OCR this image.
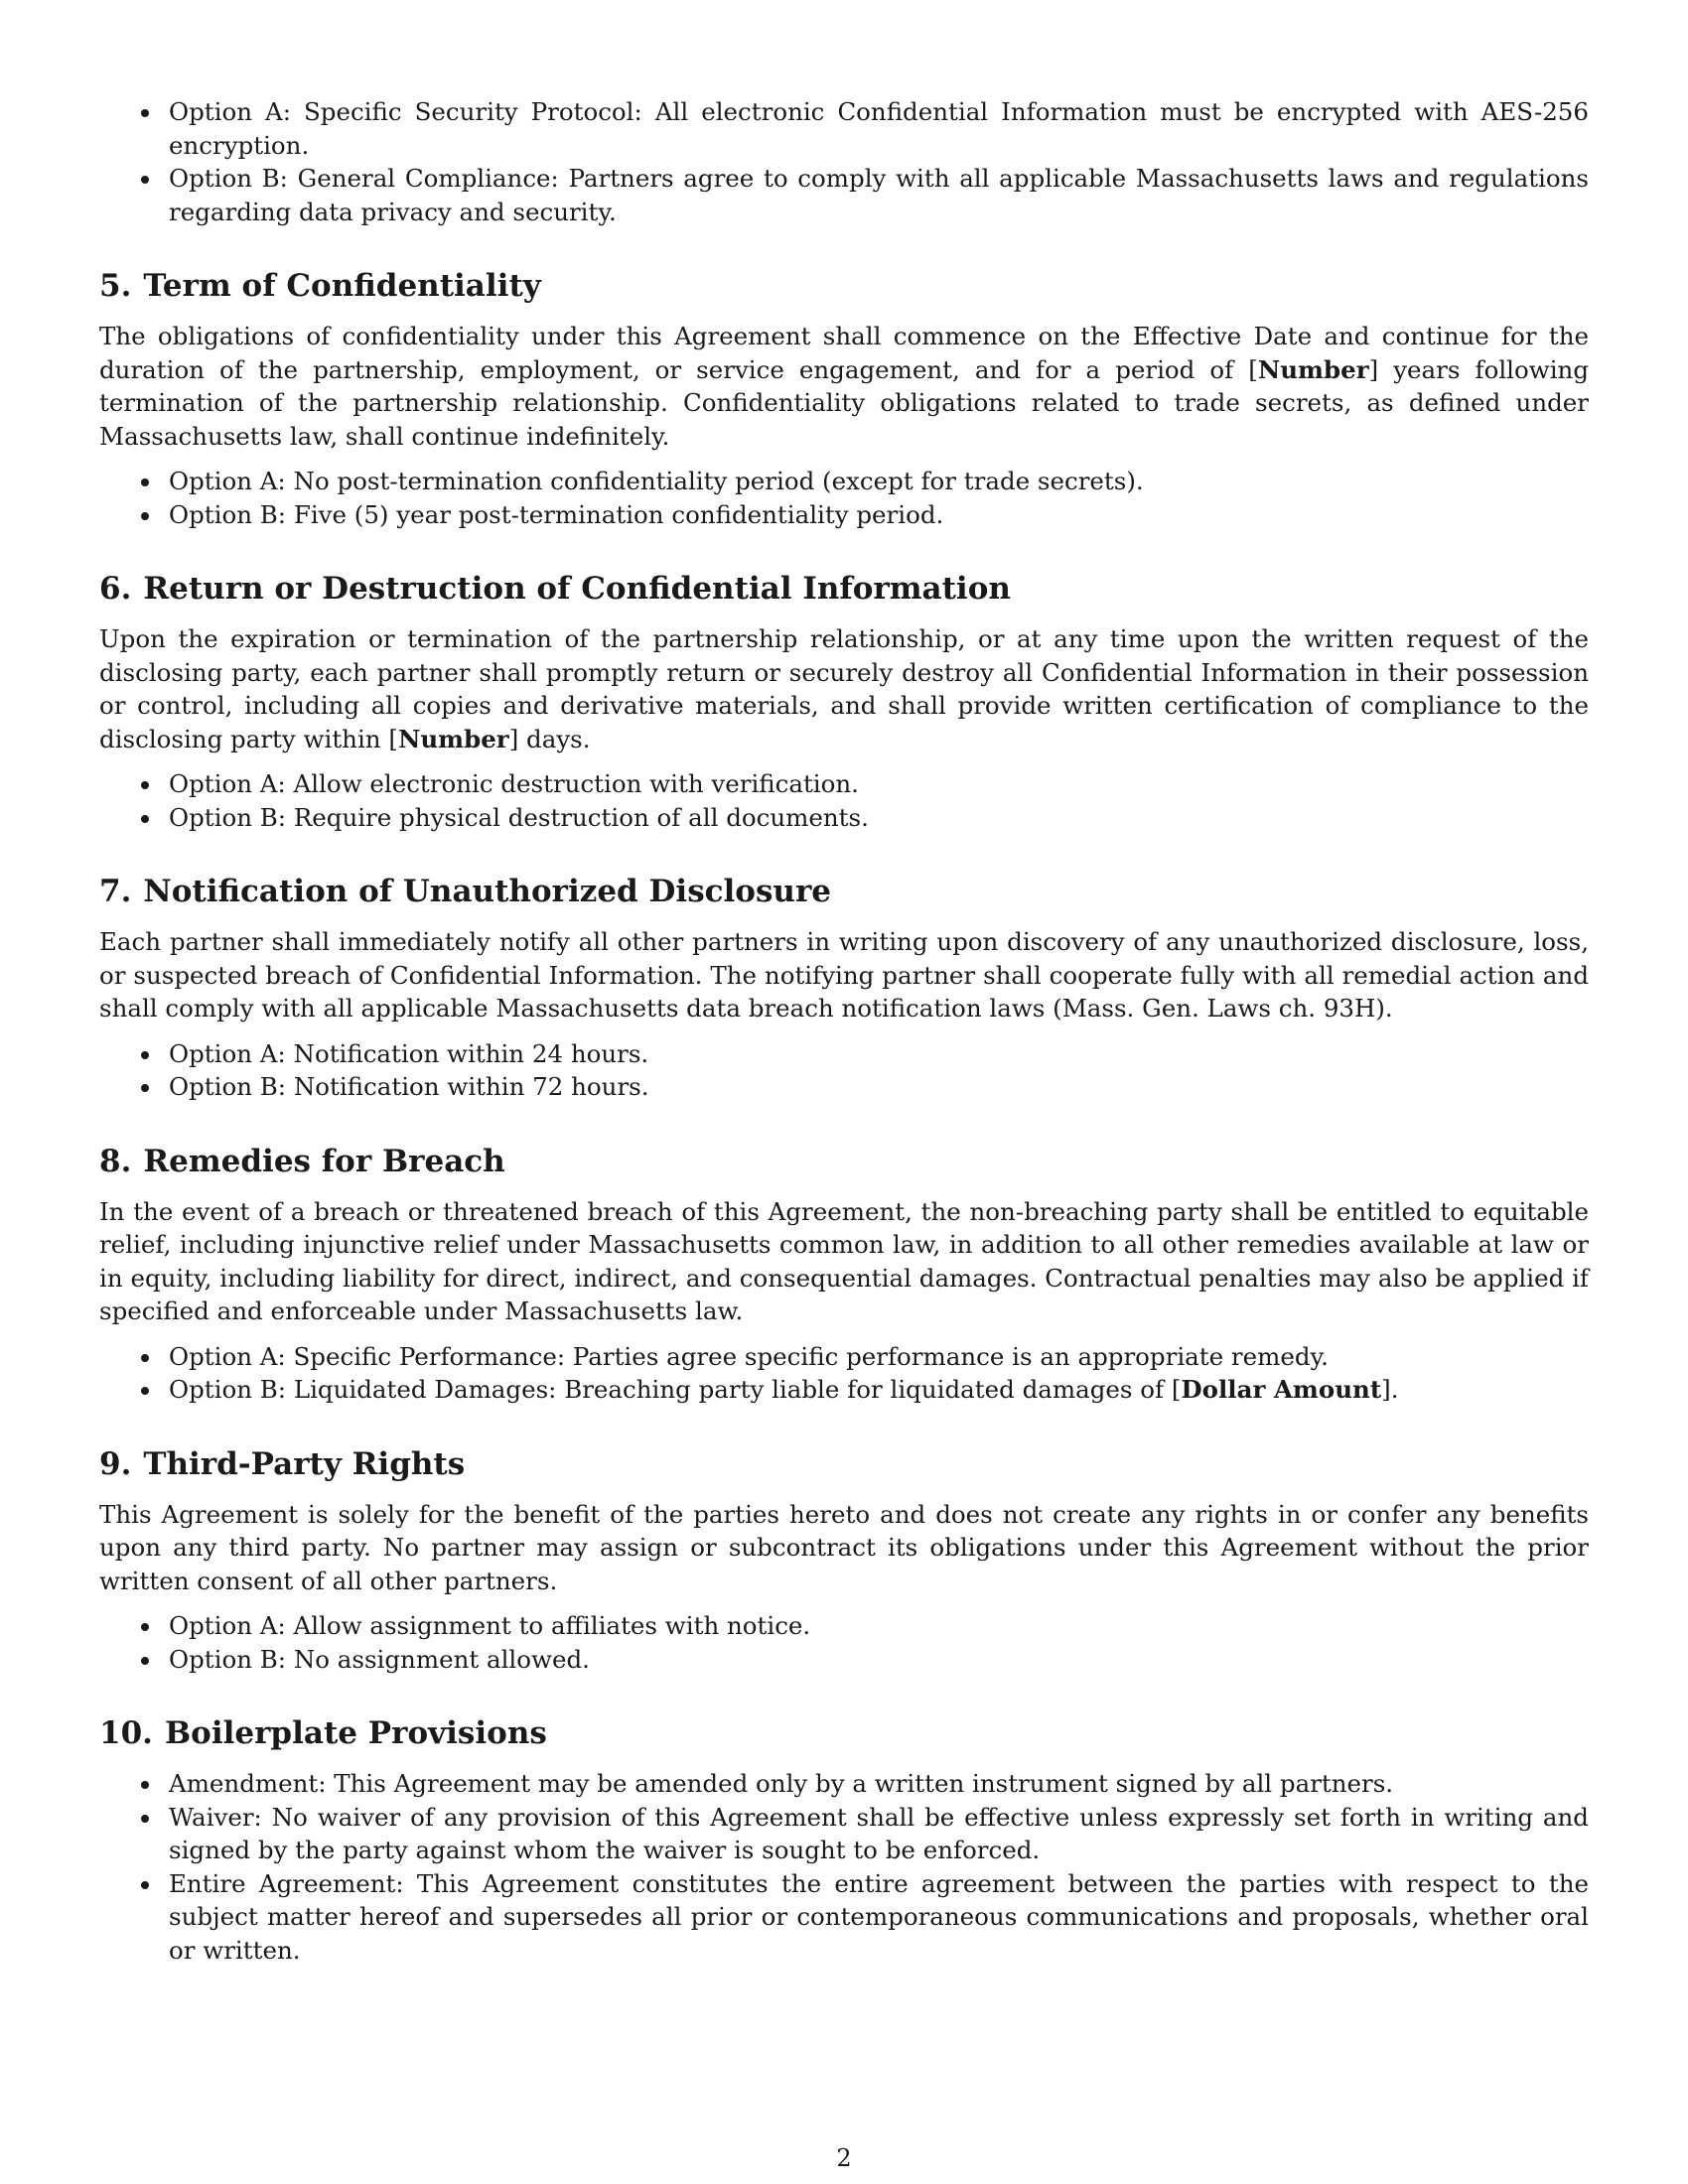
Option A: Specific Security Protocol: All electronic Confidential Information must be encrypted with AES-256 encryption.
Option B: General Compliance: Partners agree to comply with all applicable Massachusetts laws and regulations regarding data privacy and security.
5. Term of Confidentiality

The obligations of confidentiality under this Agreement shall commence on the Effective Date and continue for the duration of the partnership, employment, or service engagement, and for a period of [Number] years following termination of the partnership relationship. Confidentiality obligations related to trade secrets, as defined under Massachusetts law, shall continue indefinitely.

Option A: No post-termination confidentiality period (except for trade secrets).
Option B: Five (5) year post-termination confidentiality period.
6. Return or Destruction of Confidential Information

Upon the expiration or termination of the partnership relationship, or at any time upon the written request of the disclosing party, each partner shall promptly return or securely destroy all Confidential Information in their possession or control, including all copies and derivative materials, and shall provide written certification of compliance to the disclosing party within [Number] days.

Option A: Allow electronic destruction with verification.
Option B: Require physical destruction of all documents.
7. Notification of Unauthorized Disclosure

Each partner shall immediately notify all other partners in writing upon discovery of any unauthorized disclosure, loss, or suspected breach of Confidential Information. The notifying partner shall cooperate fully with all remedial action and shall comply with all applicable Massachusetts data breach notification laws (Mass. Gen. Laws ch. 93H).

Option A: Notification within 24 hours.
Option B: Notification within 72 hours.
8. Remedies for Breach

In the event of a breach or threatened breach of this Agreement, the non-breaching party shall be entitled to equitable relief, including injunctive relief under Massachusetts common law, in addition to all other remedies available at law or in equity, including liability for direct, indirect, and consequential damages. Contractual penalties may also be applied if specified and enforceable under Massachusetts law.

Option A: Specific Performance: Parties agree specific performance is an appropriate remedy.
Option B: Liquidated Damages: Breaching party liable for liquidated damages of [Dollar Amount].
9. Third-Party Rights

This Agreement is solely for the benefit of the parties hereto and does not create any rights in or confer any benefits upon any third party. No partner may assign or subcontract its obligations under this Agreement without the prior written consent of all other partners.

Option A: Allow assignment to affiliates with notice.
Option B: No assignment allowed.
10. Boilerplate Provisions
Amendment: This Agreement may be amended only by a written instrument signed by all partners.
Waiver: No waiver of any provision of this Agreement shall be effective unless expressly set forth in writing and signed by the party against whom the waiver is sought to be enforced.
Entire Agreement: This Agreement constitutes the entire agreement between the parties with respect to the subject matter hereof and supersedes all prior or contemporaneous communications and proposals, whether oral or written.
2
